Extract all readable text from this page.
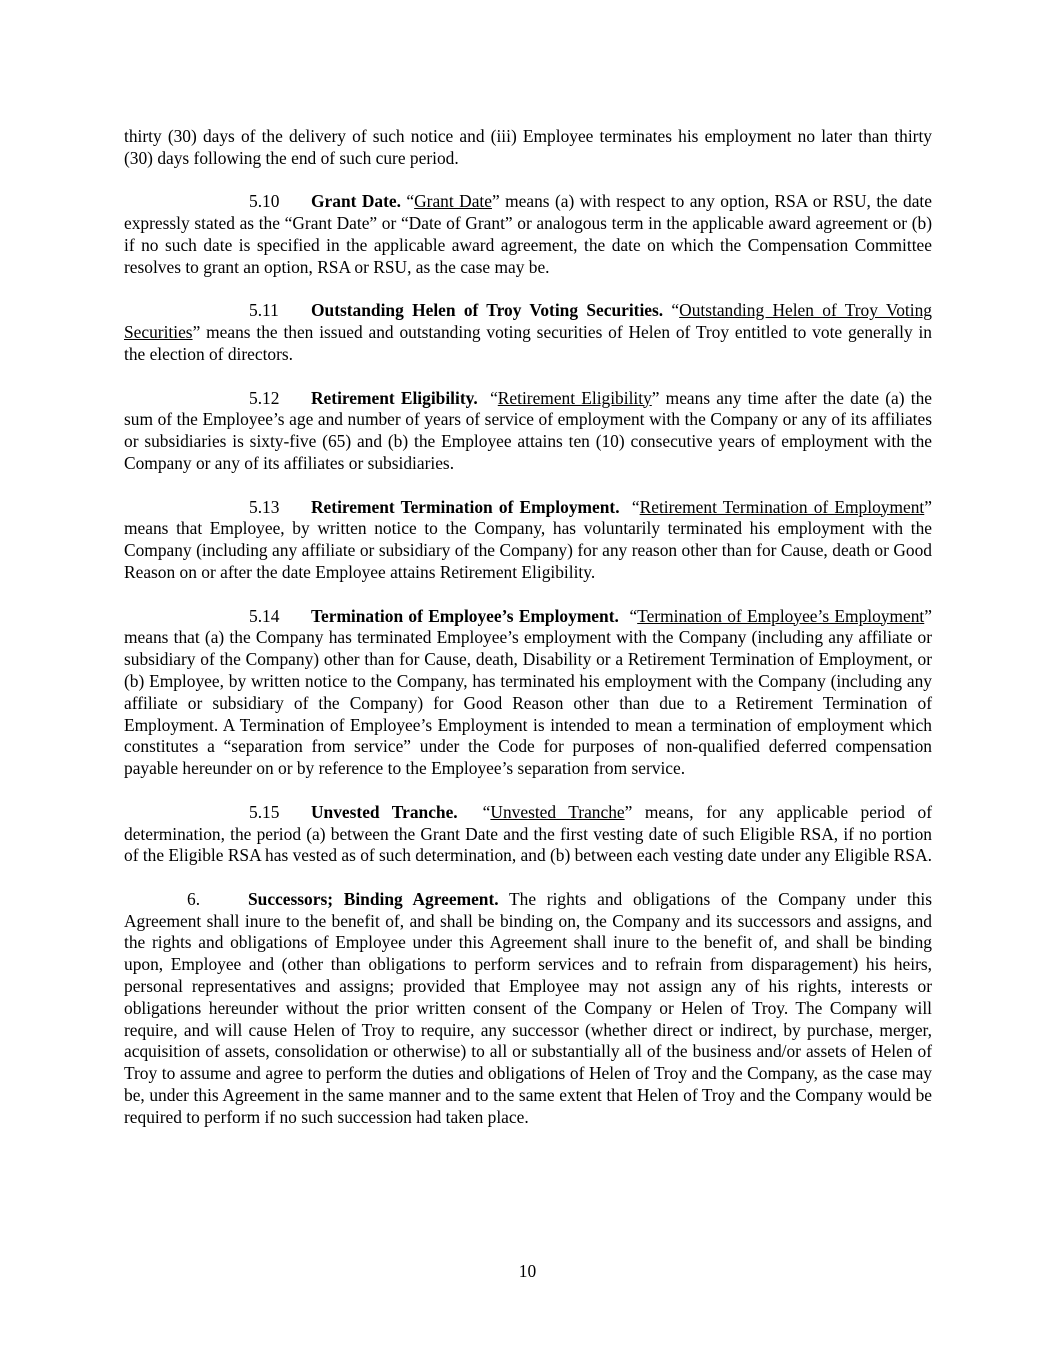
thirty (30) days of the delivery of such notice and (iii) Employee terminates his employment no later than thirty (30) days following the end of such cure period.

5.10 Grant Date. “Grant Date” means (a) with respect to any option, RSA or RSU, the date expressly stated as the “Grant Date” or “Date of Grant” or analogous term in the applicable award agreement or (b) if no such date is specified in the applicable award agreement, the date on which the Compensation Committee resolves to grant an option, RSA or RSU, as the case may be.

5.11 Outstanding Helen of Troy Voting Securities. “Outstanding Helen of Troy Voting Securities” means the then issued and outstanding voting securities of Helen of Troy entitled to vote generally in the election of directors.

5.12 Retirement Eligibility.  “Retirement Eligibility” means any time after the date (a) the sum of the Employee’s age and number of years of service of employment with the Company or any of its affiliates or subsidiaries is sixty-five (65) and (b) the Employee attains ten (10) consecutive years of employment with the Company or any of its affiliates or subsidiaries.

5.13 Retirement Termination of Employment.  “Retirement Termination of Employment” means that Employee, by written notice to the Company, has voluntarily terminated his employment with the Company (including any affiliate or subsidiary of the Company) for any reason other than for Cause, death or Good Reason on or after the date Employee attains Retirement Eligibility.

5.14 Termination of Employee’s Employment.  “Termination of Employee’s Employment” means that (a) the Company has terminated Employee’s employment with the Company (including any affiliate or subsidiary of the Company) other than for Cause, death, Disability or a Retirement Termination of Employment, or (b) Employee, by written notice to the Company, has terminated his employment with the Company (including any affiliate or subsidiary of the Company) for Good Reason other than due to a Retirement Termination of Employment. A Termination of Employee’s Employment is intended to mean a termination of employment which constitutes a “separation from service” under the Code for purposes of non-qualified deferred compensation payable hereunder on or by reference to the Employee’s separation from service.

5.15 Unvested Tranche.  “Unvested Tranche” means, for any applicable period of determination, the period (a) between the Grant Date and the first vesting date of such Eligible RSA, if no portion of the Eligible RSA has vested as of such determination, and (b) between each vesting date under any Eligible RSA.

6.	Successors; Binding Agreement. The rights and obligations of the Company under this Agreement shall inure to the benefit of, and shall be binding on, the Company and its successors and assigns, and the rights and obligations of Employee under this Agreement shall inure to the benefit of, and shall be binding upon, Employee and (other than obligations to perform services and to refrain from disparagement) his heirs, personal representatives and assigns; provided that Employee may not assign any of his rights, interests or obligations hereunder without the prior written consent of the Company or Helen of Troy. The Company will require, and will cause Helen of Troy to require, any successor (whether direct or indirect, by purchase, merger, acquisition of assets, consolidation or otherwise) to all or substantially all of the business and/or assets of Helen of Troy to assume and agree to perform the duties and obligations of Helen of Troy and the Company, as the case may be, under this Agreement in the same manner and to the same extent that Helen of Troy and the Company would be required to perform if no such succession had taken place.

10
